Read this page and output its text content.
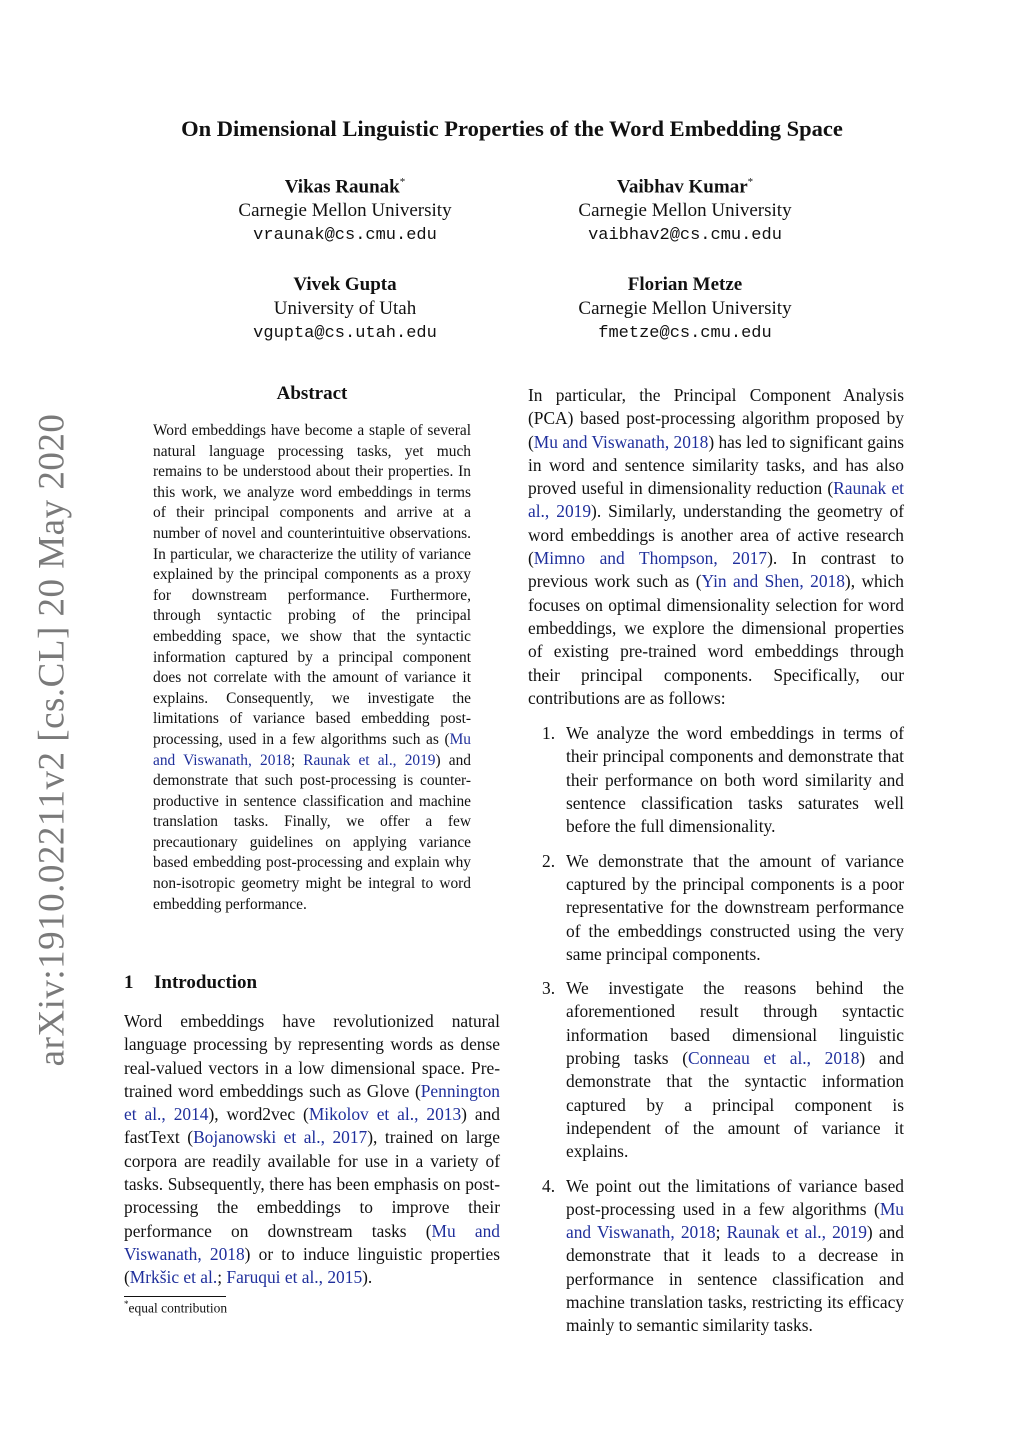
arXiv:1910.02211v2 [cs.CL] 20 May 2020
On Dimensional Linguistic Properties of the Word Embedding Space
Vikas Raunak*
Carnegie Mellon University
vraunak@cs.cmu.edu
Vaibhav Kumar*
Carnegie Mellon University
vaibhav2@cs.cmu.edu
Vivek Gupta
University of Utah
vgupta@cs.utah.edu
Florian Metze
Carnegie Mellon University
fmetze@cs.cmu.edu
Abstract
Word embeddings have become a staple of several natural language processing tasks, yet much remains to be understood about their properties. In this work, we analyze word embeddings in terms of their principal components and arrive at a number of novel and counterintuitive observations. In particular, we characterize the utility of variance explained by the principal components as a proxy for downstream performance. Furthermore, through syntactic probing of the principal embedding space, we show that the syntactic information captured by a principal component does not correlate with the amount of variance it explains. Consequently, we investigate the limitations of variance based embedding post-processing, used in a few algorithms such as (Mu and Viswanath, 2018; Raunak et al., 2019) and demonstrate that such post-processing is counter-productive in sentence classification and machine translation tasks. Finally, we offer a few precautionary guidelines on applying variance based embedding post-processing and explain why non-isotropic geometry might be integral to word embedding performance.
1 Introduction
Word embeddings have revolutionized natural language processing by representing words as dense real-valued vectors in a low dimensional space. Pre-trained word embeddings such as Glove (Pennington et al., 2014), word2vec (Mikolov et al., 2013) and fastText (Bojanowski et al., 2017), trained on large corpora are readily available for use in a variety of tasks. Subsequently, there has been emphasis on post-processing the embeddings to improve their performance on downstream tasks (Mu and Viswanath, 2018) or to induce linguistic properties (Mrkšic et al.; Faruqui et al., 2015).
*equal contribution

In particular, the Principal Component Analysis (PCA) based post-processing algorithm proposed by (Mu and Viswanath, 2018) has led to significant gains in word and sentence similarity tasks, and has also proved useful in dimensionality reduction (Raunak et al., 2019). Similarly, understanding the geometry of word embeddings is another area of active research (Mimno and Thompson, 2017). In contrast to previous work such as (Yin and Shen, 2018), which focuses on optimal dimensionality selection for word embeddings, we explore the dimensional properties of existing pre-trained word embeddings through their principal components. Specifically, our contributions are as follows:

1. We analyze the word embeddings in terms of their principal components and demonstrate that their performance on both word similarity and sentence classification tasks saturates well before the full dimensionality.
2. We demonstrate that the amount of variance captured by the principal components is a poor representative for the downstream performance of the embeddings constructed using the very same principal components.
3. We investigate the reasons behind the aforementioned result through syntactic information based dimensional linguistic probing tasks (Conneau et al., 2018) and demonstrate that the syntactic information captured by a principal component is independent of the amount of variance it explains.
4. We point out the limitations of variance based post-processing used in a few algorithms (Mu and Viswanath, 2018; Raunak et al., 2019) and demonstrate that it leads to a decrease in performance in sentence classification and machine translation tasks, restricting its efficacy mainly to semantic similarity tasks.
